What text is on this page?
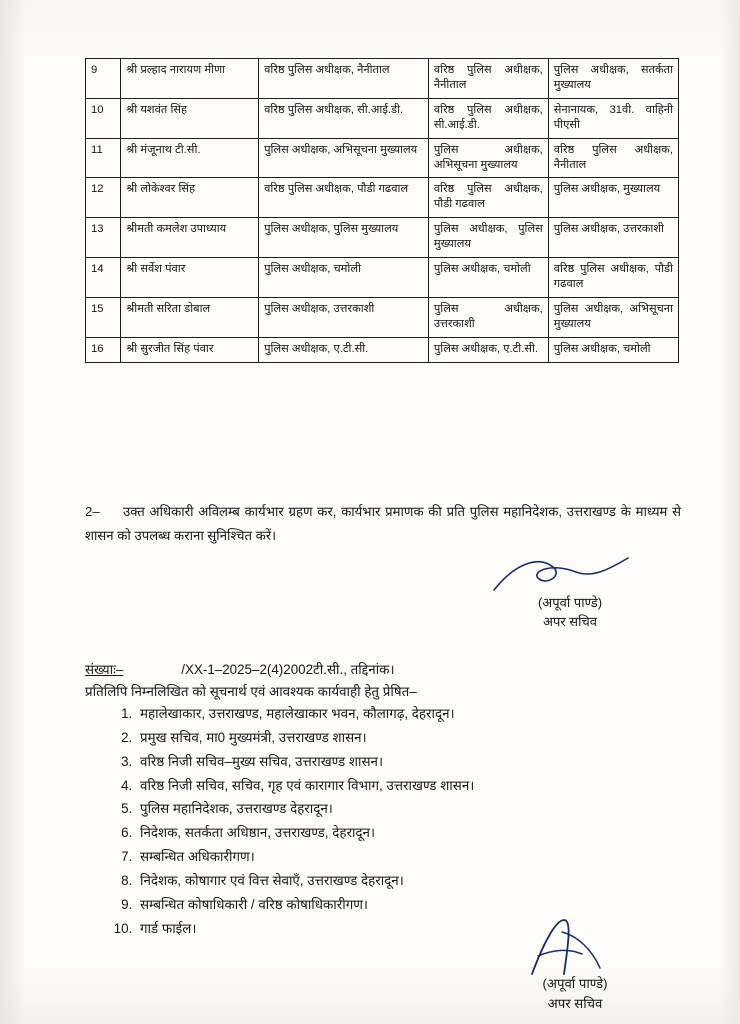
9	श्री प्रल्हाद नारायण मीणा	वरिष्ठ पुलिस अधीक्षक, नैनीताल	वरिष्ठ पुलिस अधीक्षक, नैनीताल	पुलिस अधीक्षक, सतर्कता मुख्यालय

10	श्री यशवंत सिंह	वरिष्ठ पुलिस अधीक्षक, सी.आई.डी.	वरिष्ठ पुलिस अधीक्षक, सी.आई.डी.	सेनानायक, 31वी. वाहिनी पीएसी

11	श्री मंजूनाथ टी.सी.	पुलिस अधीक्षक, अभिसूचना मुख्यालय	पुलिस अधीक्षक, अभिसूचना मुख्यालय	वरिष्ठ पुलिस अधीक्षक, नैनीताल

12	श्री लोकेश्वर सिंह	वरिष्ठ पुलिस अधीक्षक, पौडी गढवाल	वरिष्ठ पुलिस अधीक्षक, पौडी गढवाल	पुलिस अधीक्षक, मुख्यालय

13	श्रीमती कमलेश उपाध्याय	पुलिस अधीक्षक, पुलिस मुख्यालय	पुलिस अधीक्षक, पुलिस मुख्यालय	पुलिस अधीक्षक, उत्तरकाशी

14	श्री सर्वेश पंवार	पुलिस अधीक्षक, चमोली	पुलिस अधीक्षक, चमोली	वरिष्ठ पुलिस अधीक्षक, पौडी गढवाल

15	श्रीमती सरिता डोबाल	पुलिस अधीक्षक, उत्तरकाशी	पुलिस अधीक्षक, उत्तरकाशी	पुलिस अधीक्षक, अभिसूचना मुख्यालय

16	श्री सुरजीत सिंह पंवार	पुलिस अधीक्षक, ए.टी.सी.	पुलिस अधीक्षक, ए.टी.सी.	पुलिस अधीक्षक, चमोली
2– उक्त अधिकारी अविलम्ब कार्यभार ग्रहण कर, कार्यभार प्रमाणक की प्रति पुलिस महानिदेशक, उत्तराखण्ड के माध्यम से शासन को उपलब्ध कराना सुनिश्चित करें।
(अपूर्वा पाण्डे)
अपर सचिव
संख्याः–	/XX-1–2025–2(4)2002टी.सी., तद्दिनांक।
प्रतिलिपि निम्नलिखित को सूचनार्थ एवं आवश्यक कार्यवाही हेतु प्रेषित–
1. महालेखाकार, उत्तराखण्ड, महालेखाकार भवन, कौलागढ़, देहरादून।
2. प्रमुख सचिव, मा0 मुख्यमंत्री, उत्तराखण्ड शासन।
3. वरिष्ठ निजी सचिव–मुख्य सचिव, उत्तराखण्ड शासन।
4. वरिष्ठ निजी सचिव, सचिव, गृह एवं कारागार विभाग, उत्तराखण्ड शासन।
5. पुलिस महानिदेशक, उत्तराखण्ड देहरादून।
6. निदेशक, सतर्कता अधिष्ठान, उत्तराखण्ड, देहरादून।
7. सम्बन्धित अधिकारीगण।
8. निदेशक, कोषागार एवं वित्त सेवाएँ, उत्तराखण्ड देहरादून।
9. सम्बन्धित कोषाधिकारी / वरिष्ठ कोषाधिकारीगण।
10. गार्ड फाईल।
(अपूर्वा पाण्डे)
अपर सचिव
